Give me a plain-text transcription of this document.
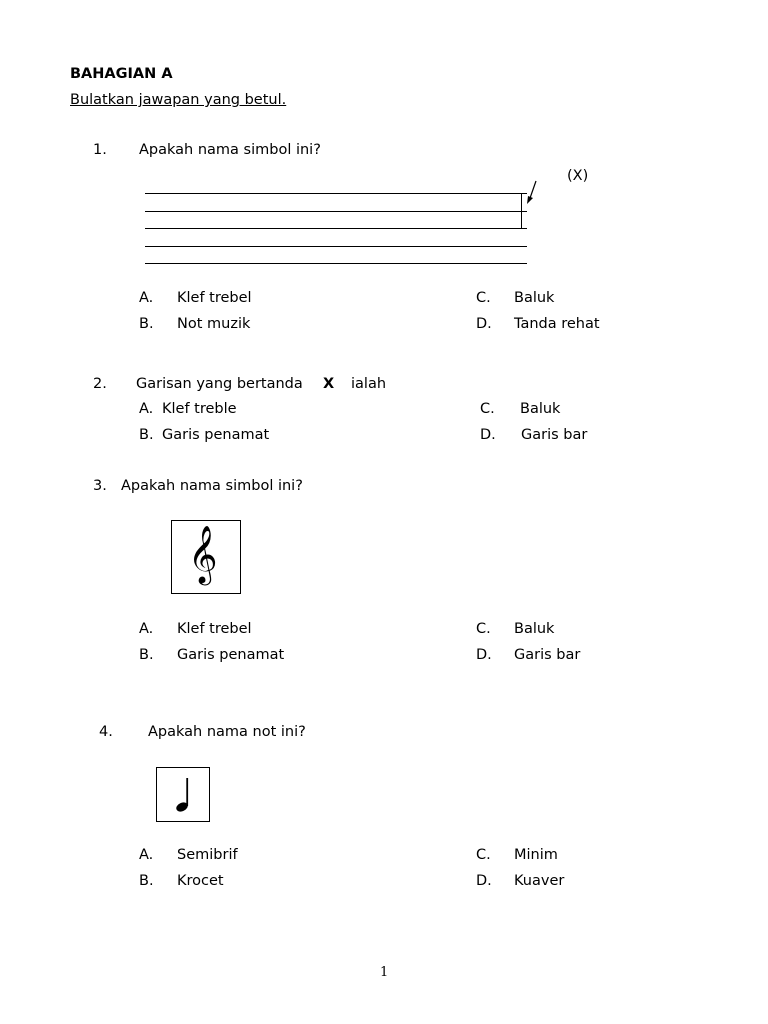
BAHAGIAN A
Bulatkan jawapan yang betul.
1. Apakah nama simbol ini?
(X)
A. Klef trebel
B. Not muzik
C. Baluk
D. Tanda rehat
2. Garisan yang bertanda X ialah
A. Klef treble
B. Garis penamat
C. Baluk
D. Garis bar
3. Apakah nama simbol ini?
𝄞
A. Klef trebel
B. Garis penamat
C. Baluk
D. Garis bar
4. Apakah nama not ini?
A. Semibrif
B. Krocet
C. Minim
D. Kuaver
1
